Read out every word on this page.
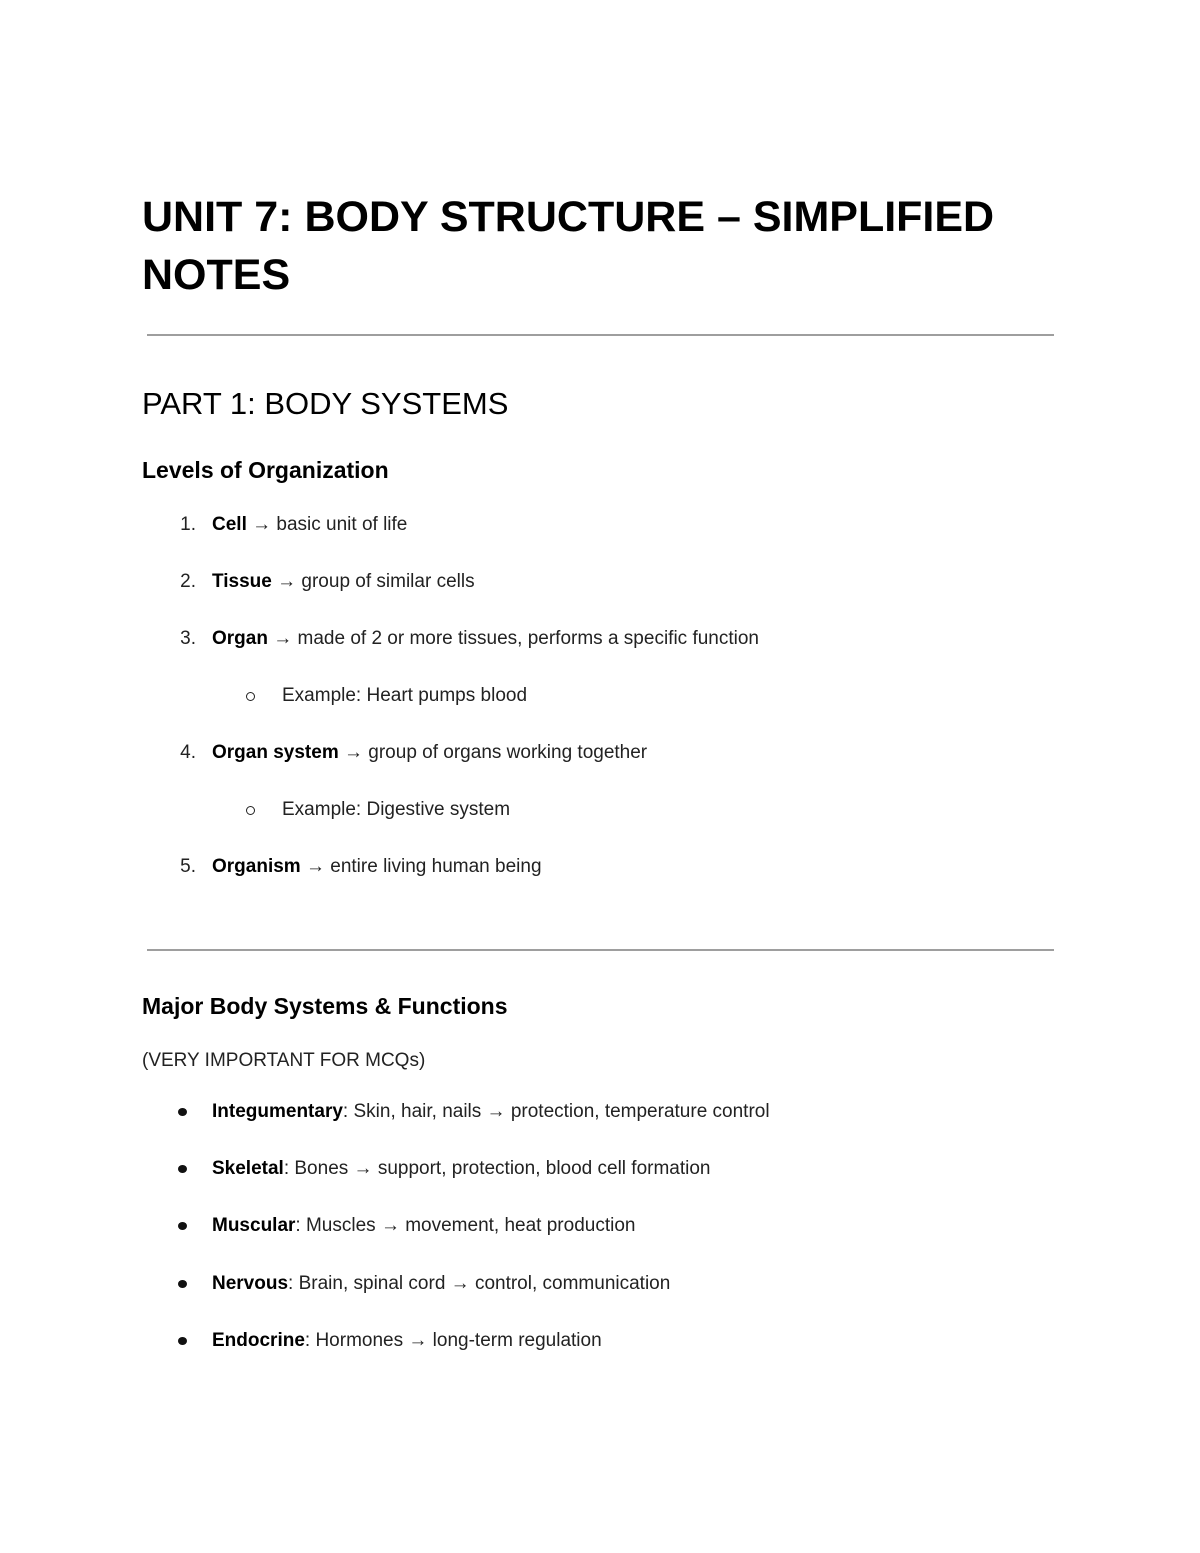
UNIT 7: BODY STRUCTURE – SIMPLIFIED NOTES
PART 1: BODY SYSTEMS
Levels of Organization
1. Cell → basic unit of life
2. Tissue → group of similar cells
3. Organ → made of 2 or more tissues, performs a specific function
Example: Heart pumps blood
4. Organ system → group of organs working together
Example: Digestive system
5. Organism → entire living human being
Major Body Systems & Functions

(VERY IMPORTANT FOR MCQs)

Integumentary: Skin, hair, nails → protection, temperature control
Skeletal: Bones → support, protection, blood cell formation
Muscular: Muscles → movement, heat production
Nervous: Brain, spinal cord → control, communication
Endocrine: Hormones → long-term regulation
